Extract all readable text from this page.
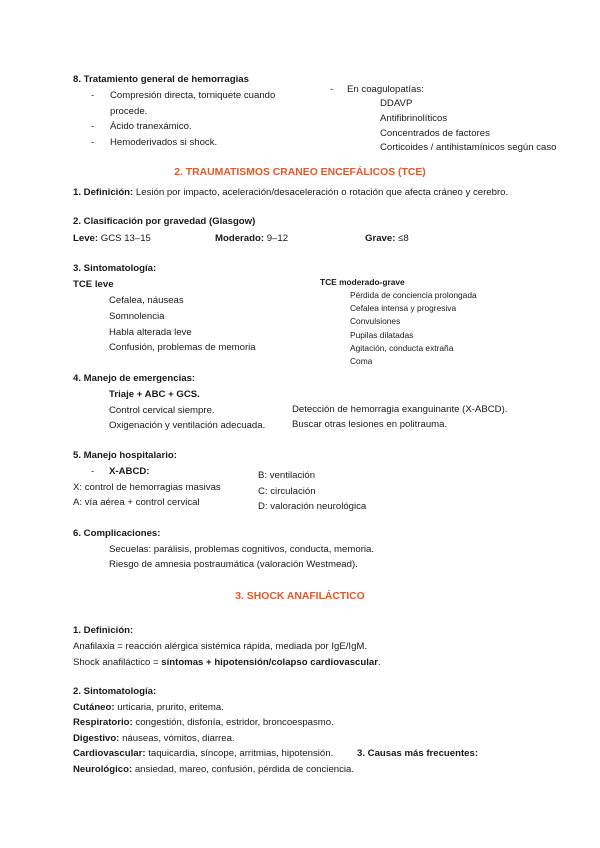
8. Tratamiento general de hemorragias
- Compresión directa, torniquete cuando
procede.
- Ácido tranexámico.
- Hemoderivados si shock.
- En coagulopatías:
DDAVP
Antifibrinolíticos
Concentrados de factores
Corticoides / antihistamínicos según caso
2. TRAUMATISMOS CRANEO ENCEFÁLICOS (TCE)
1. Definición: Lesión por impacto, aceleración/desaceleración o rotación que afecta cráneo y cerebro.
2. Clasificación por gravedad (Glasgow)
Leve: GCS 13–15	Moderado: 9–12	Grave: ≤8
3. Sintomatología:
TCE leve
Cefalea, náuseas
Somnolencia
Habla alterada leve
Confusión, problemas de memoria
TCE moderado-grave
Pérdida de conciencia prolongada
Cefalea intensa y progresiva
Convulsiones
Pupilas dilatadas
Agitación, conducta extraña
Coma
4. Manejo de emergencias:
Triaje + ABC + GCS.
Control cervical siempre.
Oxigenación y ventilación adecuada.
Detección de hemorragia exanguinante (X-ABCD).
Buscar otras lesiones en politrauma.
5. Manejo hospitalario:
- X-ABCD:
X: control de hemorragias masivas
A: vía aérea + control cervical
B: ventilación
C: circulación
D: valoración neurológica
6. Complicaciones:
Secuelas: parálisis, problemas cognitivos, conducta, memoria.
Riesgo de amnesia postraumática (valoración Westmead).
3. SHOCK ANAFILÁCTICO
1. Definición:
Anafilaxia = reacción alérgica sistémica rápida, mediada por IgE/IgM.
Shock anafiláctico = síntomas + hipotensión/colapso cardiovascular.
2. Sintomatología:
Cutáneo: urticaria, prurito, eritema.
Respiratorio: congestión, disfonía, estridor, broncoespasmo.
Digestivo: náuseas, vómitos, diarrea.
Cardiovascular: taquicardia, síncope, arritmias, hipotensión. 3. Causas más frecuentes:
Neurológico: ansiedad, mareo, confusión, pérdida de conciencia.
